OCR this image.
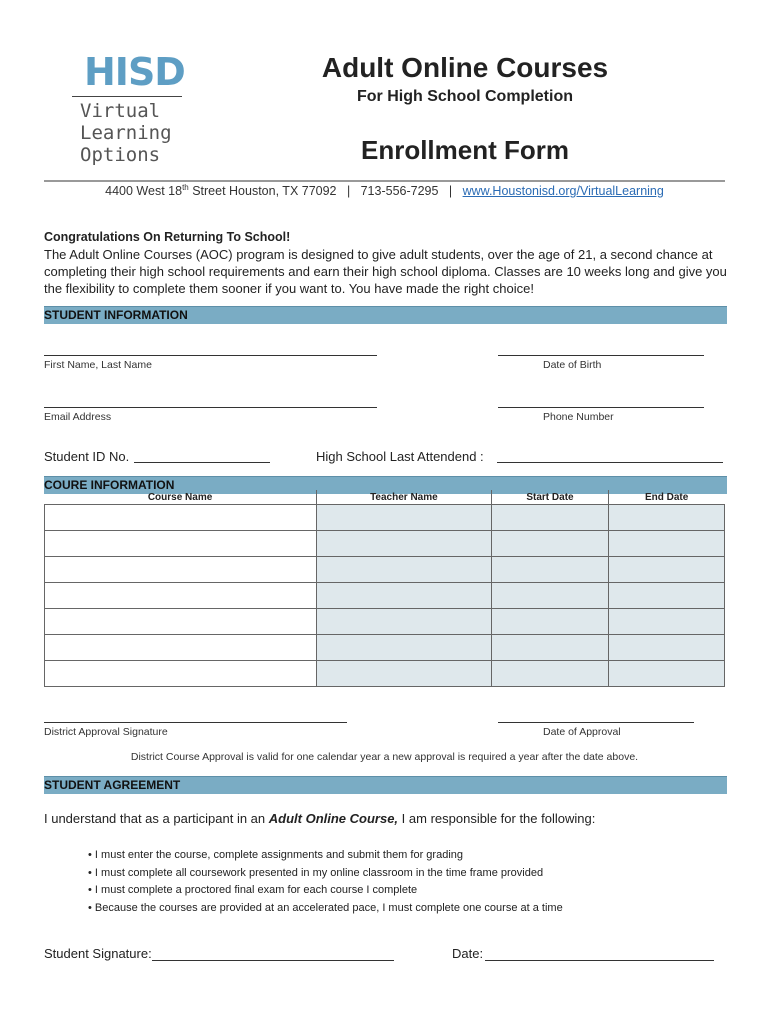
HISD
Virtual
Learning
Options
Adult Online Courses
For High School Completion
Enrollment Form
4400 West 18th Street Houston, TX 77092 | 713-556-7295 | www.Houstonisd.org/VirtualLearning
Congratulations On Returning To School!
The Adult Online Courses (AOC) program is designed to give adult students, over the age of 21, a second chance at completing their high school requirements and earn their high school diploma. Classes are 10 weeks long and give you the flexibility to complete them sooner if you want to. You have made the right choice!
STUDENT INFORMATION
First Name, Last Name	Date of Birth
Email Address	Phone Number
Student ID No.	High School Last Attendend :
COURE INFORMATION
Course Name	Teacher Name	Start Date	End Date

District Approval Signature	Date of Approval
District Course Approval is valid for one calendar year a new approval is required a year after the date above.
STUDENT AGREEMENT
I understand that as a participant in an Adult Online Course, I am responsible for the following:
• I must enter the course, complete assignments and submit them for grading
• I must complete all coursework presented in my online classroom in the time frame provided
• I must complete a proctored final exam for each course I complete
• Because the courses are provided at an accelerated pace, I must complete one course at a time
Student Signature:	Date:
